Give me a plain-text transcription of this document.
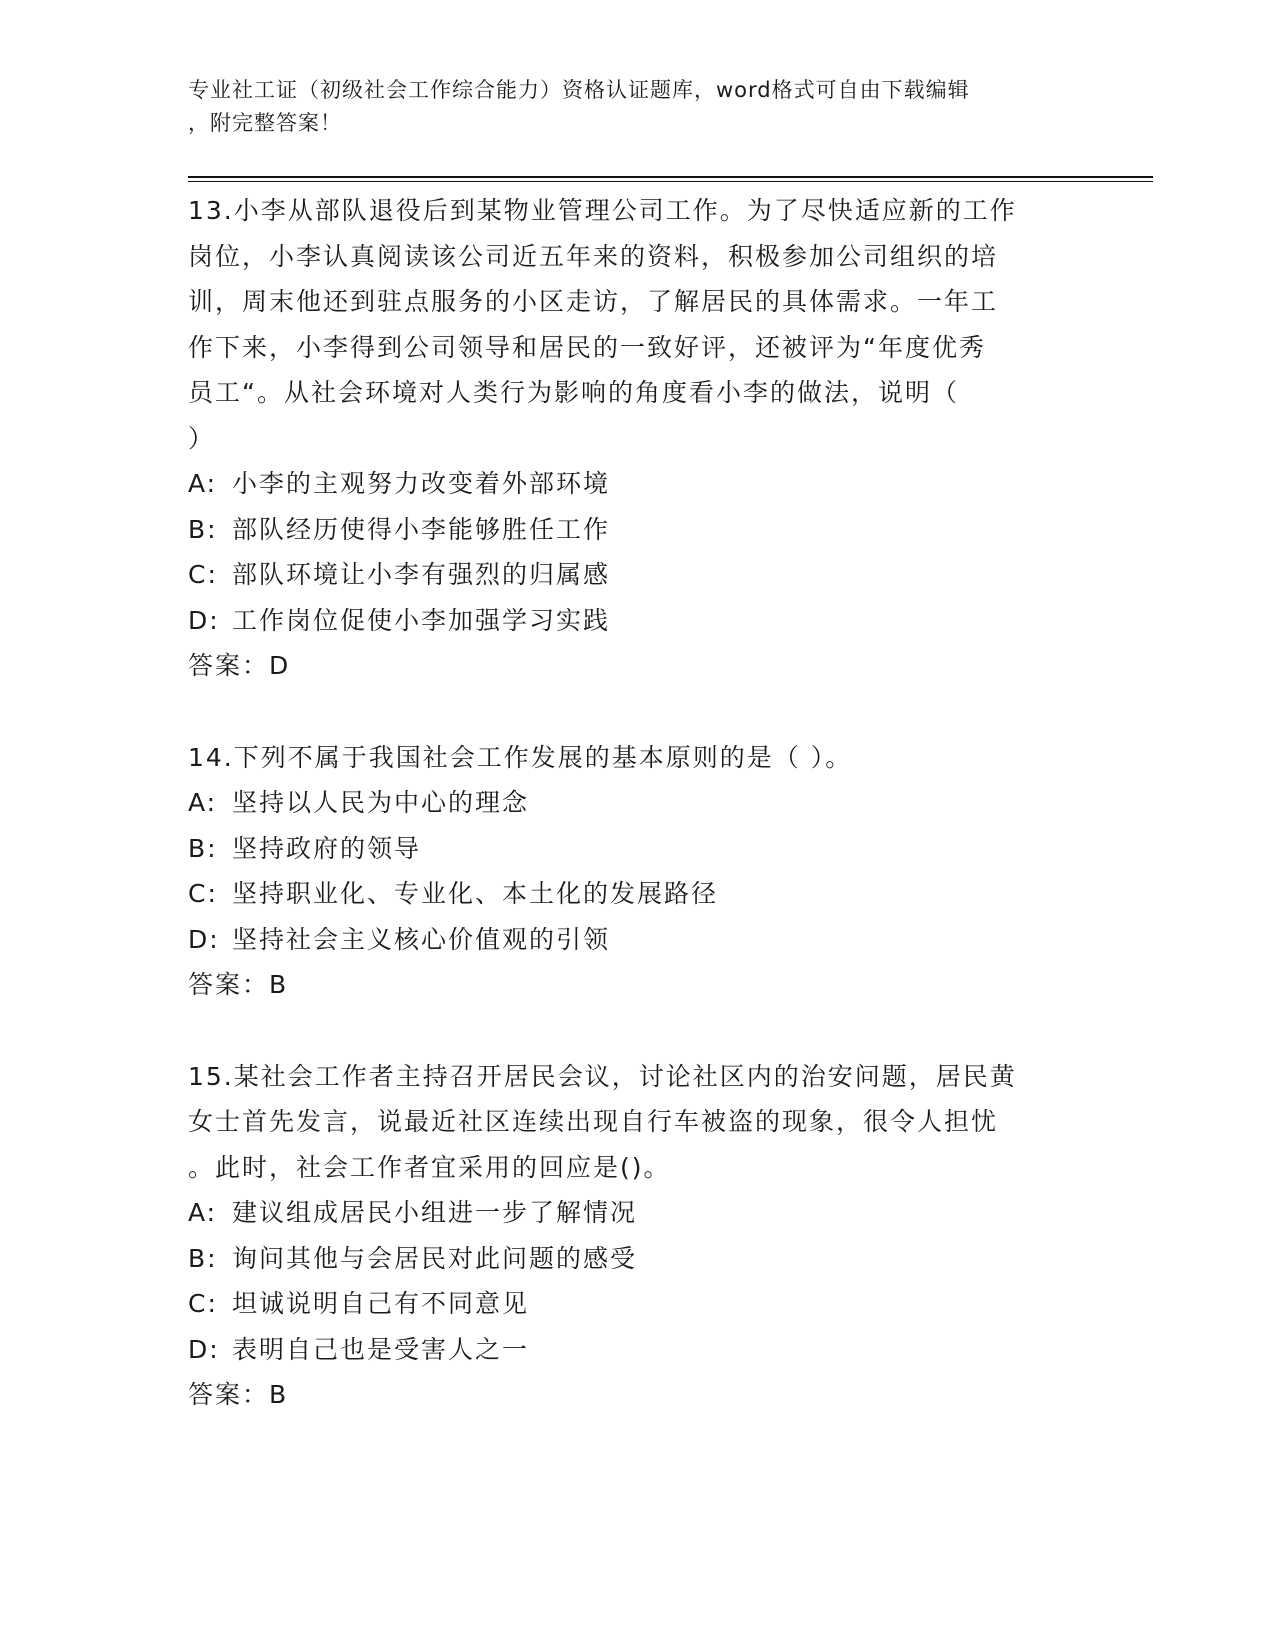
专业社工证（初级社会工作综合能力）资格认证题库，word格式可自由下载编辑
，附完整答案！

13.小李从部队退役后到某物业管理公司工作。为了尽快适应新的工作

岗位，小李认真阅读该公司近五年来的资料，积极参加公司组织的培

训，周末他还到驻点服务的小区走访，了解居民的具体需求。一年工

作下来，小李得到公司领导和居民的一致好评，还被评为“年度优秀

员工“。从社会环境对人类行为影响的角度看小李的做法，说明（

）

A: 小李的主观努力改变着外部环境
B: 部队经历使得小李能够胜任工作
C: 部队环境让小李有强烈的归属感
D: 工作岗位促使小李加强学习实践

答案：D

14.下列不属于我国社会工作发展的基本原则的是（ ）。

A: 坚持以人民为中心的理念
B: 坚持政府的领导
C: 坚持职业化、专业化、本土化的发展路径
D: 坚持社会主义核心价值观的引领

答案：B

15.某社会工作者主持召开居民会议，讨论社区内的治安问题，居民黄

女士首先发言，说最近社区连续出现自行车被盗的现象，很令人担忧

。此时，社会工作者宜采用的回应是()。

A: 建议组成居民小组进一步了解情况
B: 询问其他与会居民对此问题的感受
C: 坦诚说明自己有不同意见
D: 表明自己也是受害人之一

答案：B
